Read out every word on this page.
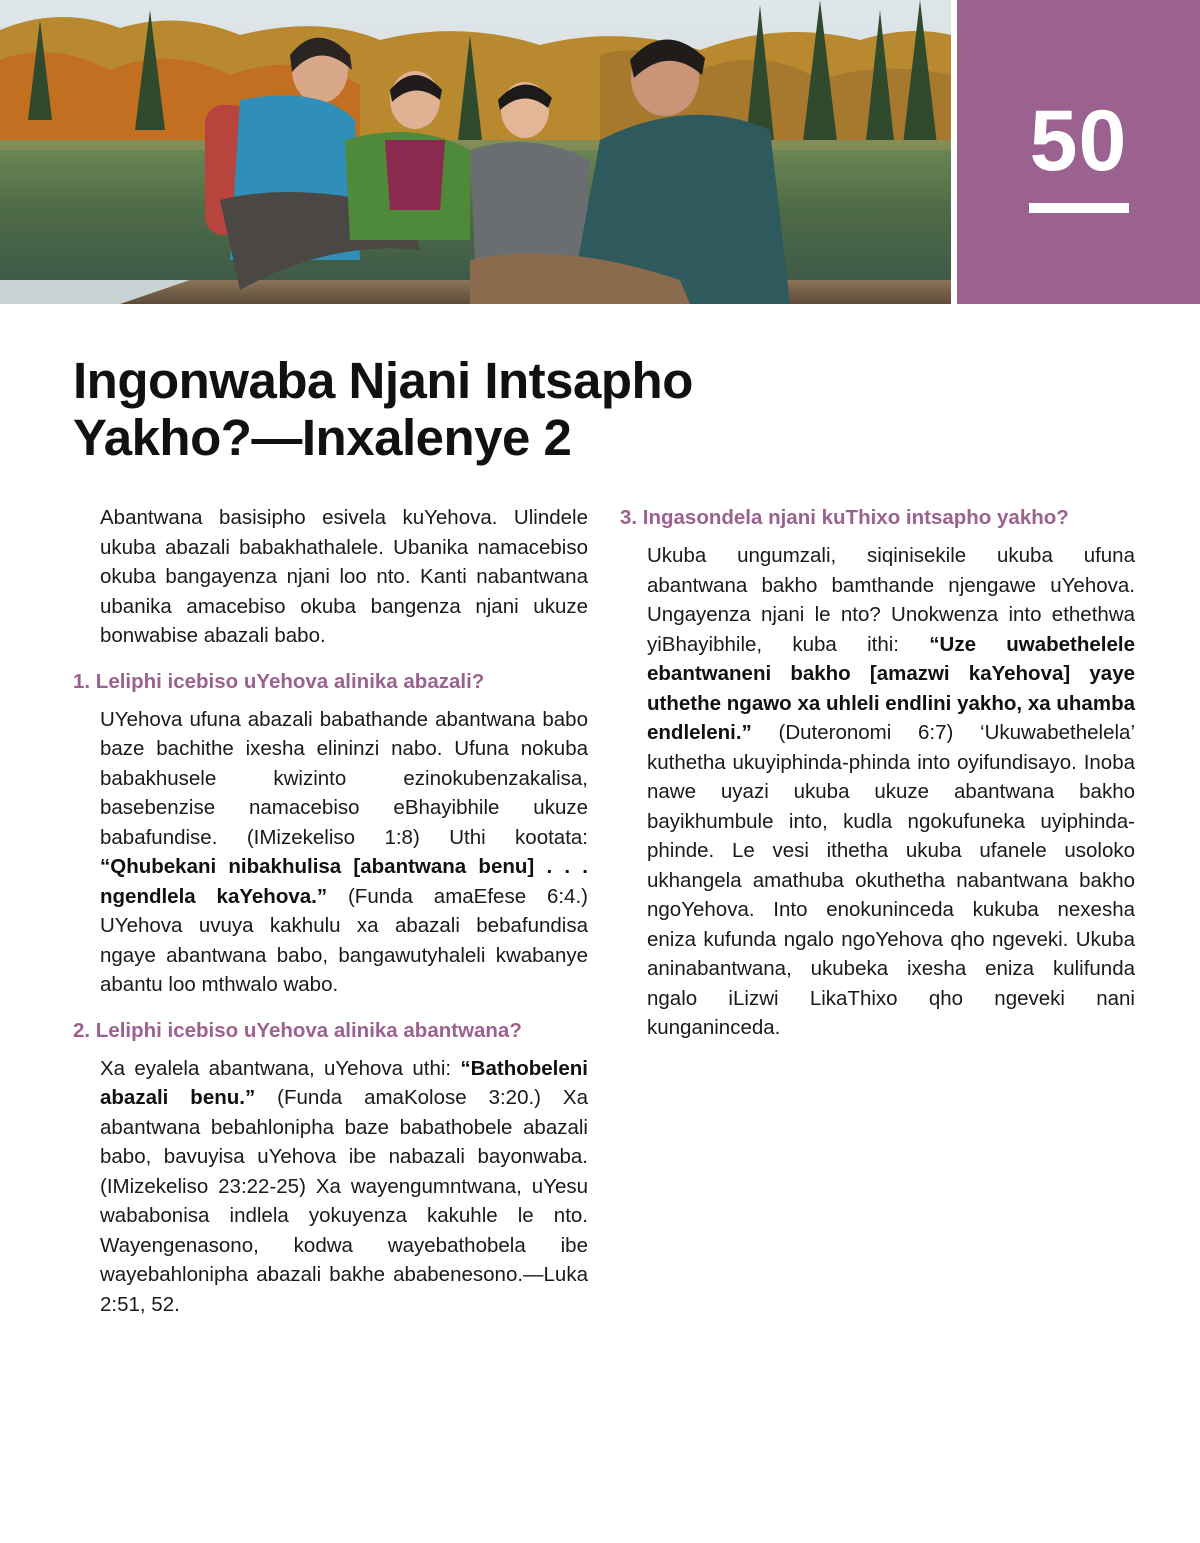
50
Ingonwaba Njani Intsapho Yakho?—Inxalenye 2

Abantwana basisipho esivela kuYehova. Ulindele ukuba abazali babakhathalele. Ubanika namacebiso okuba bangayenza njani loo nto. Kanti nabantwana ubanika amacebiso okuba bangenza njani ukuze bonwabise abazali babo.

1. Leliphi icebiso uYehova alinika abazali?

UYehova ufuna abazali babathande abantwana babo baze bachithe ixesha elininzi nabo. Ufuna nokuba babakhusele kwizinto ezinokubenzakalisa, basebenzise namacebiso eBhayibhile ukuze babafundise. (IMizekeliso 1:8) Uthi kootata: “Qhubekani nibakhulisa [abantwana benu] . . . ngendlela kaYehova.” (Funda amaEfese 6:4.) UYehova uvuya kakhulu xa abazali bebafundisa ngaye abantwana babo, bangawutyhaleli kwabanye abantu loo mthwalo wabo.

2. Leliphi icebiso uYehova alinika abantwana?

Xa eyalela abantwana, uYehova uthi: “Bathobeleni abazali benu.” (Funda amaKolose 3:20.) Xa abantwana bebahlonipha baze babathobele abazali babo, bavuyisa uYehova ibe nabazali bayonwaba. (IMizekeliso 23:22-25) Xa wayengumntwana, uYesu wababonisa indlela yokuyenza kakuhle le nto. Wayengenasono, kodwa wayebathobela ibe wayebahlonipha abazali bakhe ababenesono.—Luka 2:51, 52.

3. Ingasondela njani kuThixo intsapho yakho?

Ukuba ungumzali, siqinisekile ukuba ufuna abantwana bakho bamthande njengawe uYehova. Ungayenza njani le nto? Unokwenza into ethethwa yiBhayibhile, kuba ithi: “Uze uwabethelele ebantwaneni bakho [amazwi kaYehova] yaye uthethe ngawo xa uhleli endlini yakho, xa uhamba endleleni.” (Duteronomi 6:7) ‘Ukuwabethelela’ kuthetha ukuyiphinda-phinda into oyifundisayo. Inoba nawe uyazi ukuba ukuze abantwana bakho bayikhumbule into, kudla ngokufuneka uyiphinda-phinde. Le vesi ithetha ukuba ufanele usoloko ukhangela amathuba okuthetha nabantwana bakho ngoYehova. Into enokuninceda kukuba nexesha eniza kufunda ngalo ngoYehova qho ngeveki. Ukuba aninabantwana, ukubeka ixesha eniza kulifunda ngalo iLizwi LikaThixo qho ngeveki nani kunganinceda.
